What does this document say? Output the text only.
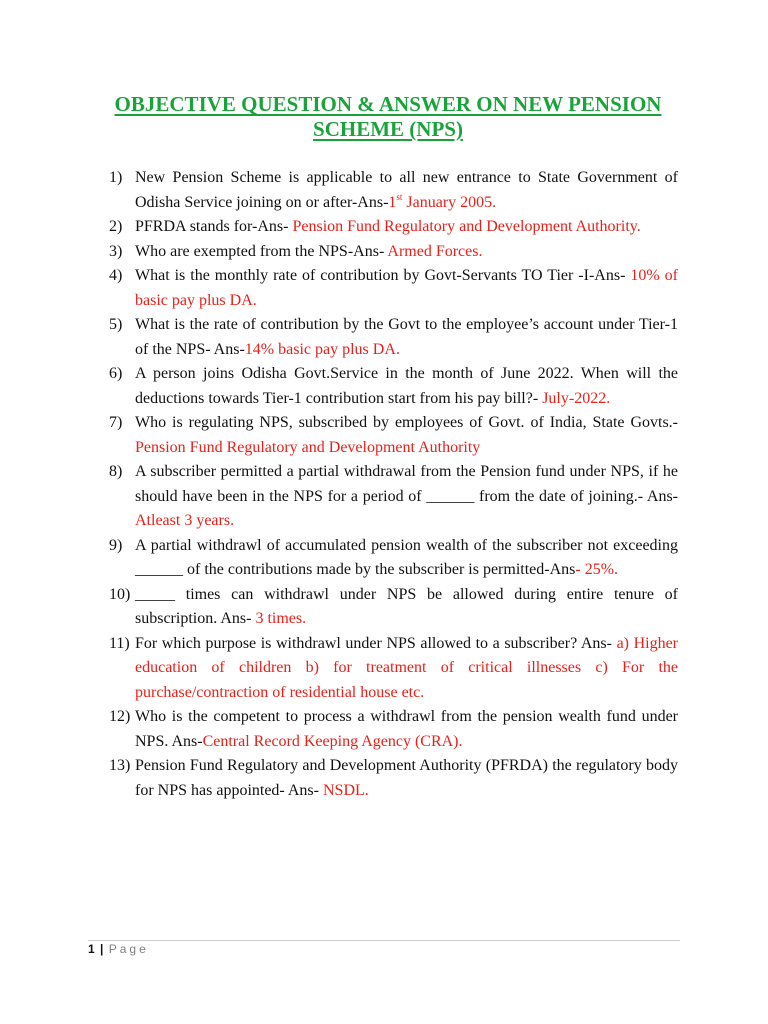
OBJECTIVE QUESTION & ANSWER ON NEW PENSION
SCHEME (NPS)
1) New Pension Scheme is applicable to all new entrance to State Government of Odisha Service joining on or after-Ans-1st January 2005.
2) PFRDA stands for-Ans- Pension Fund Regulatory and Development Authority.
3) Who are exempted from the NPS-Ans- Armed Forces.
4) What is the monthly rate of contribution by Govt-Servants TO Tier -I-Ans- 10% of basic pay plus DA.
5) What is the rate of contribution by the Govt to the employee’s account under Tier-1 of the NPS- Ans-14% basic pay plus DA.
6) A person joins Odisha Govt.Service in the month of June 2022. When will the deductions towards Tier-1 contribution start from his pay bill?- July-2022.
7) Who is regulating NPS, subscribed by employees of Govt. of India, State Govts.- Pension Fund Regulatory and Development Authority
8) A subscriber permitted a partial withdrawal from the Pension fund under NPS, if he should have been in the NPS for a period of ______ from the date of joining.- Ans-Atleast 3 years.
9) A partial withdrawl of accumulated pension wealth of the subscriber not exceeding ______ of the contributions made by the subscriber is permitted-Ans- 25%.
10) _____ times can withdrawl under NPS be allowed during entire tenure of subscription. Ans- 3 times.
11) For which purpose is withdrawl under NPS allowed to a subscriber? Ans- a) Higher education of children b) for treatment of critical illnesses c) For the purchase/contraction of residential house etc.
12) Who is the competent to process a withdrawl from the pension wealth fund under NPS. Ans-Central Record Keeping Agency (CRA).
13) Pension Fund Regulatory and Development Authority (PFRDA) the regulatory body for NPS has appointed- Ans- NSDL.
1 | Page
